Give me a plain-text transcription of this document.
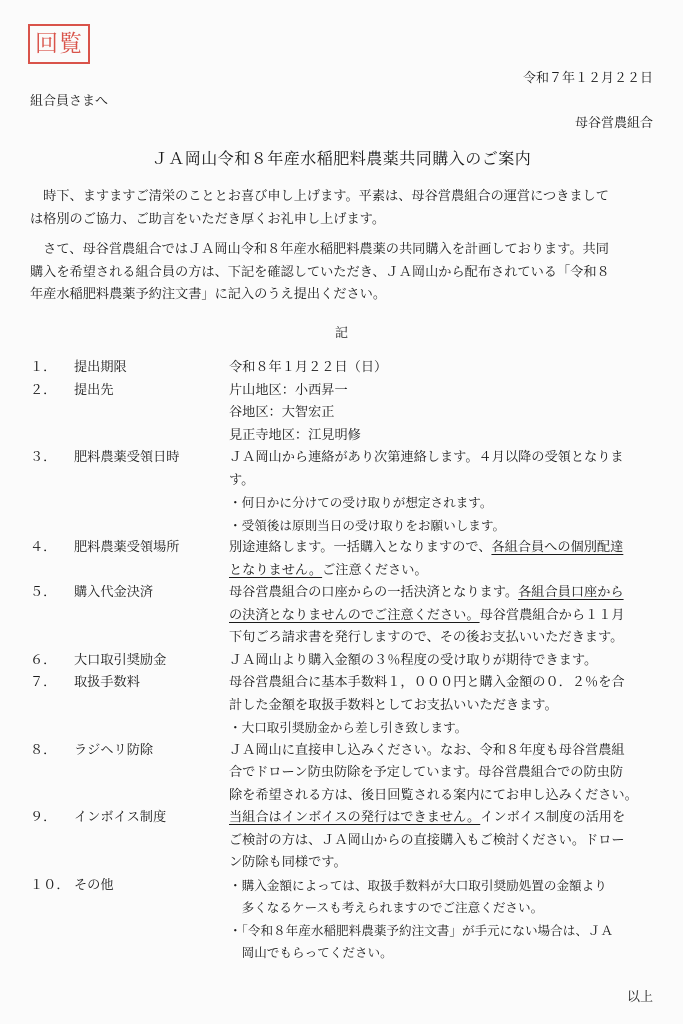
回覧
令和７年１２月２２日
組合員さまへ
母谷営農組合
ＪＡ岡山令和８年産水稲肥料農薬共同購入のご案内
　時下、ますますご清栄のこととお喜び申し上げます。平素は、母谷営農組合の運営につきまして
は格別のご協力、ご助言をいただき厚くお礼申し上げます。
　さて、母谷営農組合ではＪＡ岡山令和８年産水稲肥料農薬の共同購入を計画しております。共同
購入を希望される組合員の方は、下記を確認していただき、ＪＡ岡山から配布されている「令和８
年産水稲肥料農薬予約注文書」に記入のうえ提出ください。
記
１． 提出期限	令和８年１月２２日（日）
２． 提出先	片山地区：小西昇一
谷地区：大智宏正
見正寺地区：江見明修
３． 肥料農薬受領日時	ＪＡ岡山から連絡があり次第連絡します。４月以降の受領となりま
す。
・何日かに分けての受け取りが想定されます。
・受領後は原則当日の受け取りをお願いします。
４． 肥料農薬受領場所	別途連絡します。一括購入となりますので、各組合員への個別配達
となりません。ご注意ください。
５． 購入代金決済	母谷営農組合の口座からの一括決済となります。各組合員口座から
の決済となりませんのでご注意ください。母谷営農組合から１１月
下旬ごろ請求書を発行しますので、その後お支払いいただきます。
６． 大口取引奨励金	ＪＡ岡山より購入金額の３％程度の受け取りが期待できます。
７． 取扱手数料	母谷営農組合に基本手数料１，０００円と購入金額の０．２％を合
計した金額を取扱手数料としてお支払いいただきます。
・大口取引奨励金から差し引き致します。
８． ラジヘリ防除	ＪＡ岡山に直接申し込みください。なお、令和８年度も母谷営農組
合でドローン防虫防除を予定しています。母谷営農組合での防虫防
除を希望される方は、後日回覧される案内にてお申し込みください。
９． インボイス制度	当組合はインボイスの発行はできません。インボイス制度の活用を
ご検討の方は、ＪＡ岡山からの直接購入もご検討ください。ドロー
ン防除も同様です。
１０． その他	・購入金額によっては、取扱手数料が大口取引奨励処置の金額より
　多くなるケースも考えられますのでご注意ください。
・「令和８年産水稲肥料農薬予約注文書」が手元にない場合は、ＪＡ
　岡山でもらってください。
以上
